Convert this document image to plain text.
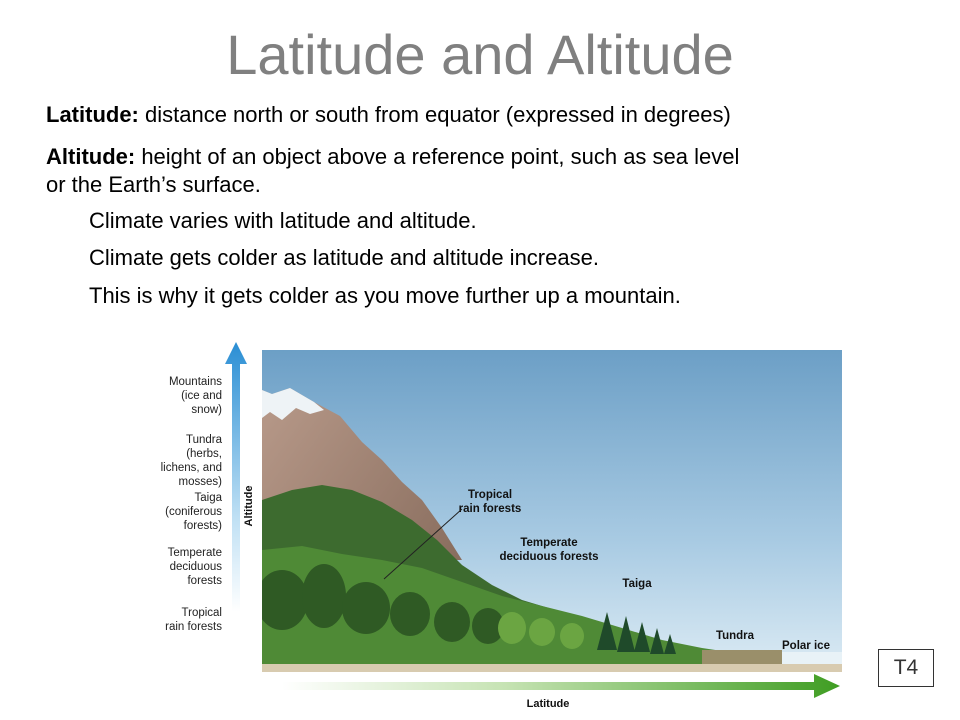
Latitude and Altitude
Latitude: distance north or south from equator (expressed in degrees)
Altitude: height of an object above a reference point, such as sea level
or the Earth’s surface.
Climate varies with latitude and altitude.
Climate gets colder as latitude and altitude increase.
This is why it gets colder as you move further up a mountain.
Altitude
Mountains
(ice and
snow)
Tundra (herbs,
lichens, and
mosses)
Taiga
(coniferous
forests)
Temperate
deciduous
forests
Tropical
rain forests
Tropical
rain forests
Temperate
deciduous forests
Taiga
Tundra
Polar ice
Latitude
T4
